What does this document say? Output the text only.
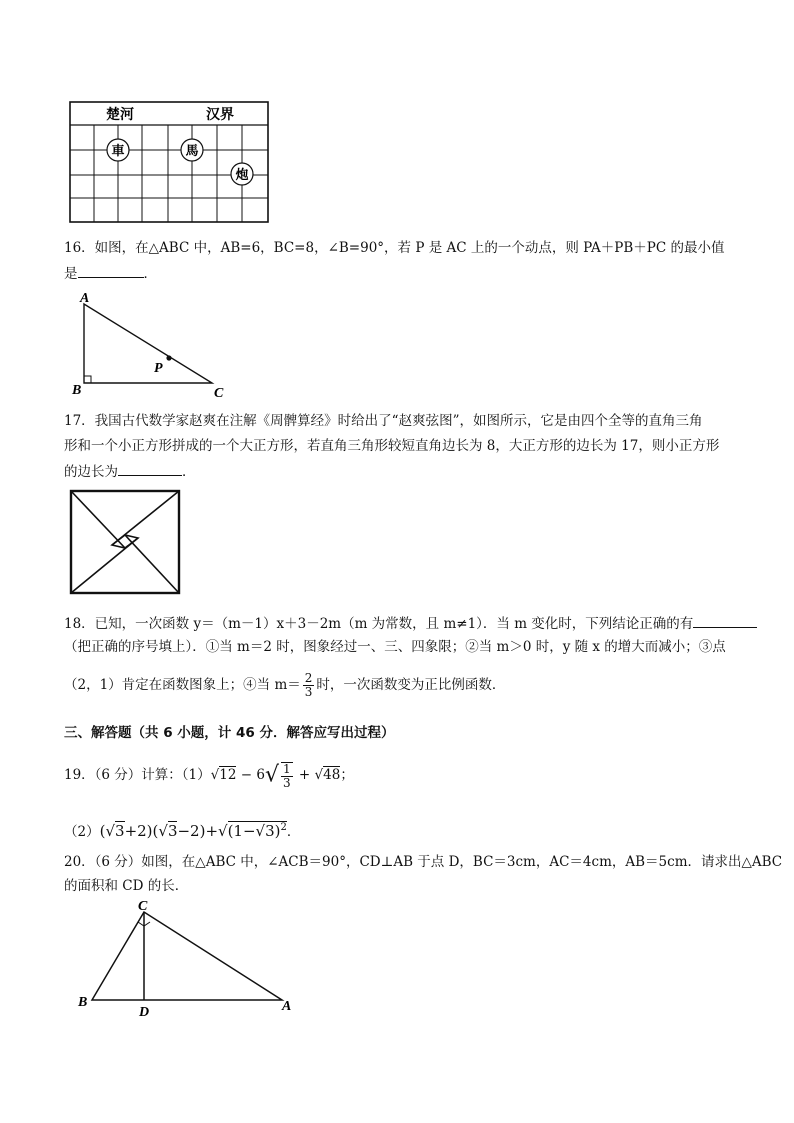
楚河	汉界
車	馬
炮
16．如图，在△ABC 中，AB=6，BC=8，∠B=90°，若 P 是 AC 上的一个动点，则 PA＋PB＋PC 的最小值
是	．
A
B	C
P
17．我国古代数学家赵爽在注解《周髀算经》时给出了“赵爽弦图”，如图所示，它是由四个全等的直角三角
形和一个小正方形拼成的一个大正方形，若直角三角形较短直角边长为 8，大正方形的边长为 17，则小正方形
的边长为	．
18．已知，一次函数 y＝（m－1）x＋3－2m（m 为常数，且 m≠1）．当 m 变化时，下列结论正确的有
（把正确的序号填上）．①当 m＝2 时，图象经过一、三、四象限；②当 m＞0 时，y 随 x 的增大而减小；③点
（2，1）肯定在函数图象上；④当 $m= \frac{2}{3}$ 时，一次函数变为正比例函数．
三、解答题（共 6 小题，计 46 分．解答应写出过程）
19．（6 分）计算：$(1)√12 - 6√ \frac{1}{3} + √48$；
$(2)(√3+2)(√3-2)+√(1-√3)^2$．
20．（6 分）如图，在△ABC 中，∠ACB＝90°，CD⊥AB 于点 D，BC＝3cm，AC＝4cm，AB＝5cm．请求出△ABC
的面积和 CD 的长．
C
B
D	A
